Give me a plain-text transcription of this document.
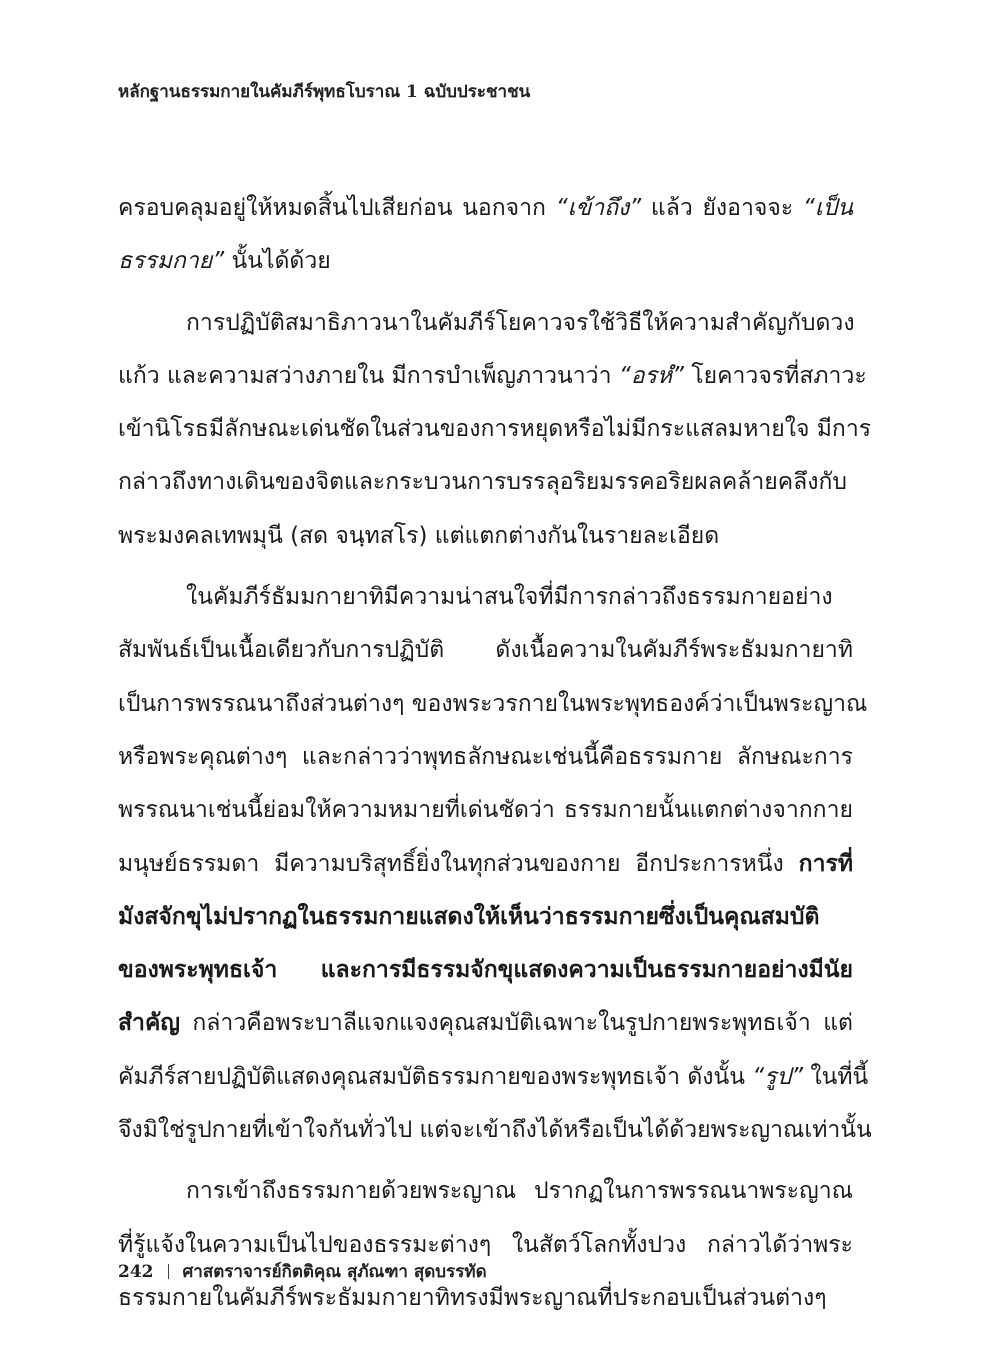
หลักฐานธรรมกายในคัมภีร์พุทธโบราณ 1 ฉบับประชาชน
ครอบคลุมอยู่ให้หมดสิ้นไปเสียก่อน นอกจาก “เข้าถึง” แล้ว ยังอาจจะ “เป็น
ธรรมกาย” นั้นได้ด้วย
การปฏิบัติสมาธิภาวนาในคัมภีร์โยคาวจรใช้วิธีให้ความสำคัญกับดวง
แก้ว และความสว่างภายใน มีการบำเพ็ญภาวนาว่า “อรหํ” โยคาวจรที่สภาวะ
เข้านิโรธมีลักษณะเด่นชัดในส่วนของการหยุดหรือไม่มีกระแสลมหายใจ มีการ
กล่าวถึงทางเดินของจิตและกระบวนการบรรลุอริยมรรคอริยผลคล้ายคลึงกับ
พระมงคลเทพมุนี (สด จนฺทสโร) แต่แตกต่างกันในรายละเอียด
ในคัมภีร์ธัมมกายาทิมีความน่าสนใจที่มีการกล่าวถึงธรรมกายอย่าง
สัมพันธ์เป็นเนื้อเดียวกับการปฏิบัติ ดังเนื้อความในคัมภีร์พระธัมมกายาทิ
เป็นการพรรณนาถึงส่วนต่างๆ ของพระวรกายในพระพุทธองค์ว่าเป็นพระญาณ
หรือพระคุณต่างๆ และกล่าวว่าพุทธลักษณะเช่นนี้คือธรรมกาย ลักษณะการ
พรรณนาเช่นนี้ย่อมให้ความหมายที่เด่นชัดว่า ธรรมกายนั้นแตกต่างจากกาย
มนุษย์ธรรมดา มีความบริสุทธิ์ยิ่งในทุกส่วนของกาย อีกประการหนึ่ง การที่
มังสจักขุไม่ปรากฏในธรรมกายแสดงให้เห็นว่าธรรมกายซึ่งเป็นคุณสมบัติ
ของพระพุทธเจ้า และการมีธรรมจักขุแสดงความเป็นธรรมกายอย่างมีนัย
สำคัญ กล่าวคือพระบาลีแจกแจงคุณสมบัติเฉพาะในรูปกายพระพุทธเจ้า แต่
คัมภีร์สายปฏิบัติแสดงคุณสมบัติธรรมกายของพระพุทธเจ้า ดังนั้น “รูป” ในที่นี้
จึงมิใช่รูปกายที่เข้าใจกันทั่วไป แต่จะเข้าถึงได้หรือเป็นได้ด้วยพระญาณเท่านั้น
การเข้าถึงธรรมกายด้วยพระญาณ ปรากฏในการพรรณนาพระญาณ
ที่รู้แจ้งในความเป็นไปของธรรมะต่างๆ ในสัตว์โลกทั้งปวง กล่าวได้ว่าพระ
ธรรมกายในคัมภีร์พระธัมมกายาทิทรงมีพระญาณที่ประกอบเป็นส่วนต่างๆ
242 ศาสตราจารย์กิตติคุณ สุภัณฑา สุดบรรทัด
